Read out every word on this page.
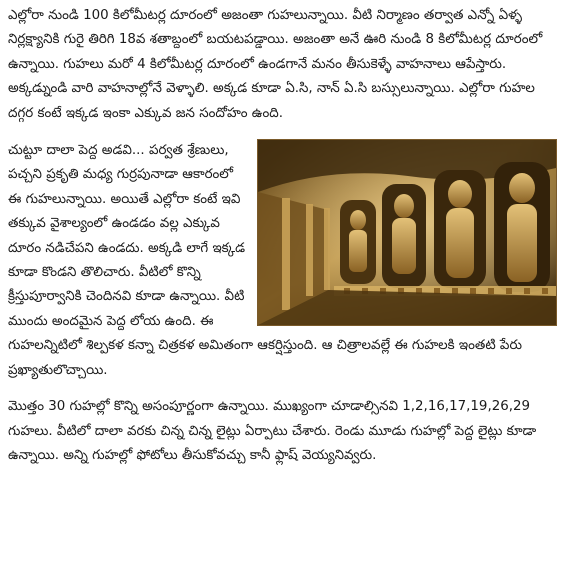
ఎల్లోరా నుండి 100 కిలోమీటర్ల దూరంలో అజంతా గుహలున్నాయి. వీటి నిర్మాణం తర్వాత ఎన్నో ఏళ్ళ నిర్లక్ష్యానికి గురై తిరిగి 18వ శతాబ్దంలో బయటపడ్డాయి. అజంతా అనే ఊరి నుండి 8 కిలోమీటర్ల దూరంలో ఉన్నాయి. గుహలు మరో 4 కిలోమీటర్ల దూరంలో ఉండగానే మనం తీసుకెళ్ళే వాహనాలు ఆపేస్తారు. అక్కడ్నుండి వారి వాహనాల్లోనే వెళ్ళాలి. అక్కడ కూడా ఏ.సి, నాన్ ఏ.సి బస్సులున్నాయి. ఎల్లోరా గుహల దగ్గర కంటే ఇక్కడ ఇంకా ఎక్కువ జన సందోహం ఉంది.

చుట్టూ దాలా పెద్ద అడవి... పర్వత శ్రేణులు, పచ్చని ప్రకృతి మధ్య గుర్రపునాడా ఆకారంలో ఈ గుహలున్నాయి. అయితే ఎల్లోరా కంటే ఇవి తక్కువ వైశాల్యంలో ఉండడం వల్ల ఎక్కువ దూరం నడిచేపని ఉండదు. అక్కడి లాగే ఇక్కడ కూడా కొండని తొలిచారు. వీటిలో కొన్ని క్రీస్తుపూర్వానికి చెందినవి కూడా ఉన్నాయి. వీటి ముందు అందమైన పెద్ద లోయ ఉంది. ఈ గుహలన్నిటిలో శిల్పకళ కన్నా చిత్రకళ అమితంగా ఆకర్షిస్తుంది. ఆ చిత్రాలవల్లే ఈ గుహలకి ఇంతటి పేరు ప్రఖ్యాతులొచ్చాయి.

మొత్తం 30 గుహల్లో కొన్ని అసంపూర్ణంగా ఉన్నాయి. ముఖ్యంగా చూడాల్సినవి 1,2,16,17,19,26,29 గుహలు. వీటిలో దాలా వరకు చిన్న చిన్న లైట్లు ఏర్పాటు చేశారు. రెండు మూడు గుహల్లో పెద్ద లైట్లు కూడా ఉన్నాయి. అన్ని గుహల్లో ఫోటోలు తీసుకోవచ్చు కానీ ఫ్లాష్ వెయ్యనివ్వరు.
